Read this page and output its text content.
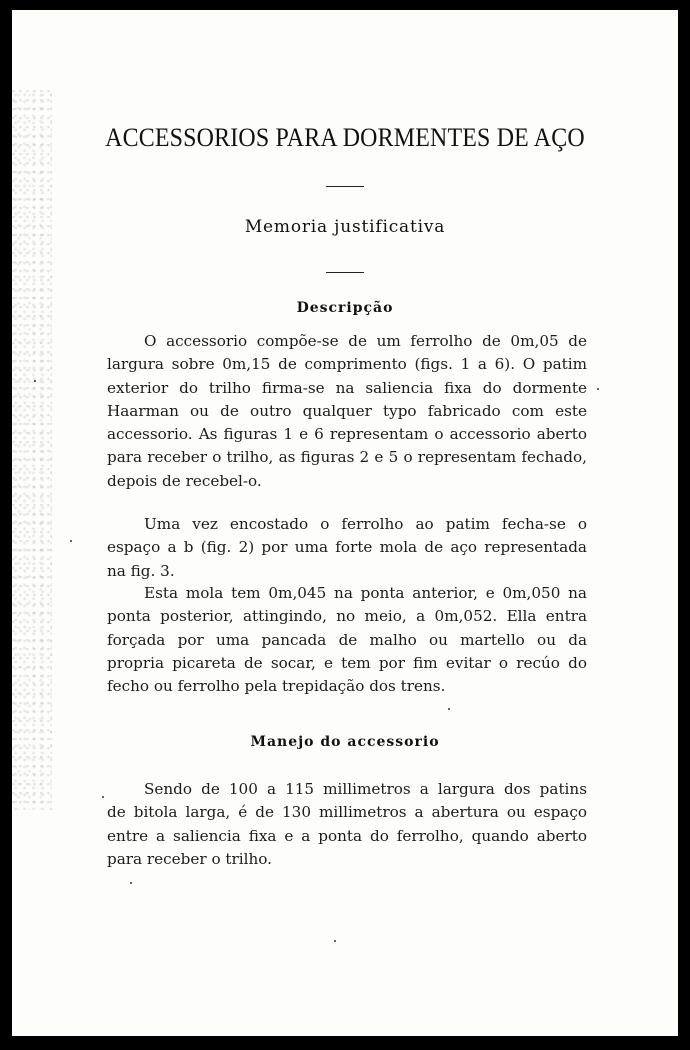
ACCESSORIOS PARA DORMENTES DE AÇO
Memoria justificativa
Descripção
O accessorio compõe-se de um ferrolho de 0m,05 de
largura sobre 0m,15 de comprimento (figs. 1 a 6). O patim
exterior do trilho firma-se na saliencia fixa do dormente
Haarman ou de outro qualquer typo fabricado com este
accessorio. As figuras 1 e 6 representam o accessorio aberto
para receber o trilho, as figuras 2 e 5 o representam fechado,
depois de recebel-o.
Uma vez encostado o ferrolho ao patim fecha-se o
espaço a b (fig. 2) por uma forte mola de aço representada
na fig. 3.
Esta mola tem 0m,045 na ponta anterior, e 0m,050 na
ponta posterior, attingindo, no meio, a 0m,052. Ella entra
forçada por uma pancada de malho ou martello ou da
propria picareta de socar, e tem por fim evitar o recúo do
fecho ou ferrolho pela trepidação dos trens.
Manejo do accessorio
Sendo de 100 a 115 millimetros a largura dos patins
de bitola larga, é de 130 millimetros a abertura ou espaço
entre a saliencia fixa e a ponta do ferrolho, quando aberto
para receber o trilho.
